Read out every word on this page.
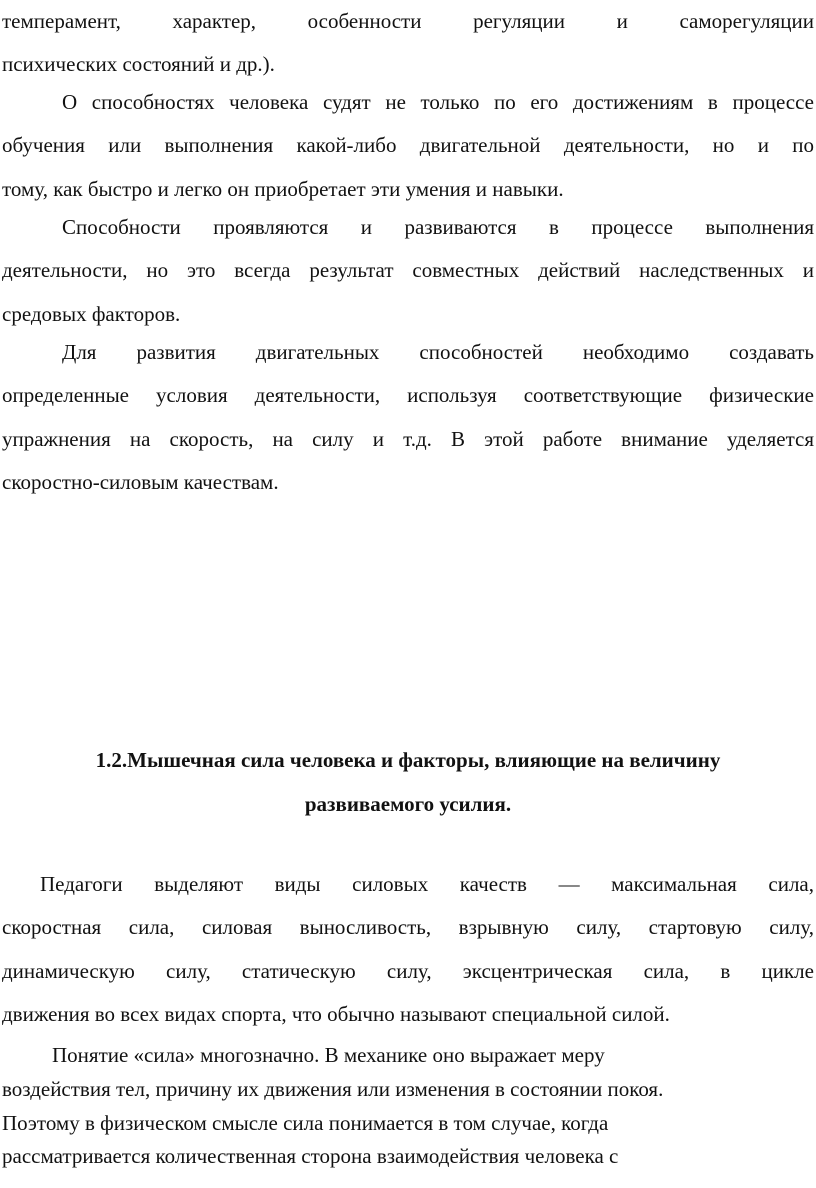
темперамент, характер, особенности регуляции и саморегуляции
психических состояний и др.).
О способностях человека судят не только по его достижениям в процессе
обучения или выполнения какой-либо двигательной деятельности, но и по
тому, как быстро и легко он приобретает эти умения и навыки.
Способности проявляются и развиваются в процессе выполнения
деятельности, но это всегда результат совместных действий наследственных и
средовых факторов.
Для развития двигательных способностей необходимо создавать
определенные условия деятельности, используя соответствующие физические
упражнения на скорость, на силу и т.д. В этой работе внимание уделяется
скоростно-силовым качествам.
1.2.Мышечная сила человека и факторы, влияющие на величину
развиваемого усилия.
Педагоги выделяют виды силовых качеств — максимальная сила,
скоростная сила, силовая выносливость, взрывную силу, стартовую силу,
динамическую силу, статическую силу, эксцентрическая сила, в цикле
движения во всех видах спорта, что обычно называют специальной силой.
Понятие «сила» многозначно. В механике оно выражает меру
воздействия тел, причину их движения или изменения в состоянии покоя.
Поэтому в физическом смысле сила понимается в том случае, когда
рассматривается количественная сторона взаимодействия человека с
